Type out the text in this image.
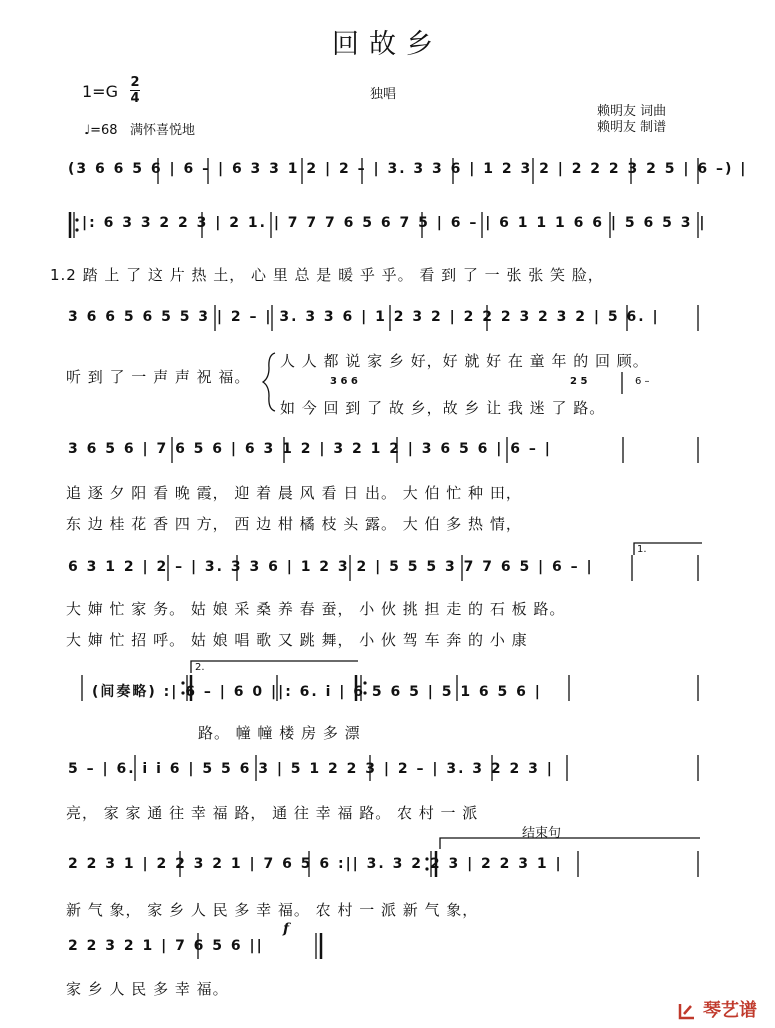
回故乡
1=G 2
4
♩=68 满怀喜悦地
独唱
赖明友 词曲
赖明友 制谱
(3 6 6 5 6 | 6 – | 6 3 3 1 2 | 2 – | 3. 3 3 6 | 1 2 3 2 | 2 2 2 3 2 5 | 6 –) |
|: 6 3 3 2 2 3 | 2 1. | 7 7 7 6 5 6 7 5 | 6 – | 6 1 1 1 6 6 | 5 6 5 3 |
1.2 踏 上 了 这 片 热 土， 心 里 总 是 暖 乎 乎。 看 到 了 一 张 张 笑 脸，
3 6 6 5 6 5 5 3 | 2 – | 3. 3 3 6 | 1 2 3 2 | 2 2 2 3 2 3 2 | 5 6. |
听 到 了 一 声 声 祝 福。
人 人 都 说 家 乡 好，好 就 好 在 童 年 的 回 顾。
如 今 回 到 了 故 乡，故 乡 让 我 迷 了 路。
3 6 6	2 5	6 –
3 6 5 6 | 7 6 5 6 | 6 3 1 2 | 3 2 1 2 | 3 6 5 6 | 6 – |
追 逐 夕 阳 看 晚 霞， 迎 着 晨 风 看 日 出。 大 伯 忙 种 田，
东 边 桂 花 香 四 方， 西 边 柑 橘 枝 头 露。 大 伯 多 热 情，
6 3 1 2 | 2 – | 3. 3 3 6 | 1 2 3 2 | 5 5 5 3 7 7 6 5 | 6 – |
1.
大 婶 忙 家 务。 姑 娘 采 桑 养 春 蚕， 小 伙 挑 担 走 的 石 板 路。
大 婶 忙 招 呼。 姑 娘 唱 歌 又 跳 舞， 小 伙 驾 车 奔 的 小 康
(间奏略) :| 6 – | 6 0 ||: 6. i | 6 5 6 5 | 5 1 6 5 6 |
2.
路。 幢 幢 楼 房 多 漂
5 – | 6. i i 6 | 5 5 6 3 | 5 1 2 2 3 | 2 – | 3. 3 2 2 3 |
亮， 家 家 通 往 幸 福 路， 通 往 幸 福 路。 农 村 一 派
结束句
2 2 3 1 | 2 2 3 2 1 | 7 6 5 6 :|| 3. 3 2 2 3 | 2 2 3 1 |
新 气 象， 家 乡 人 民 多 幸 福。 农 村 一 派 新 气 象，
f
2 2 3 2 1 | 7 6 5 6 ||
家 乡 人 民 多 幸 福。
琴艺谱
